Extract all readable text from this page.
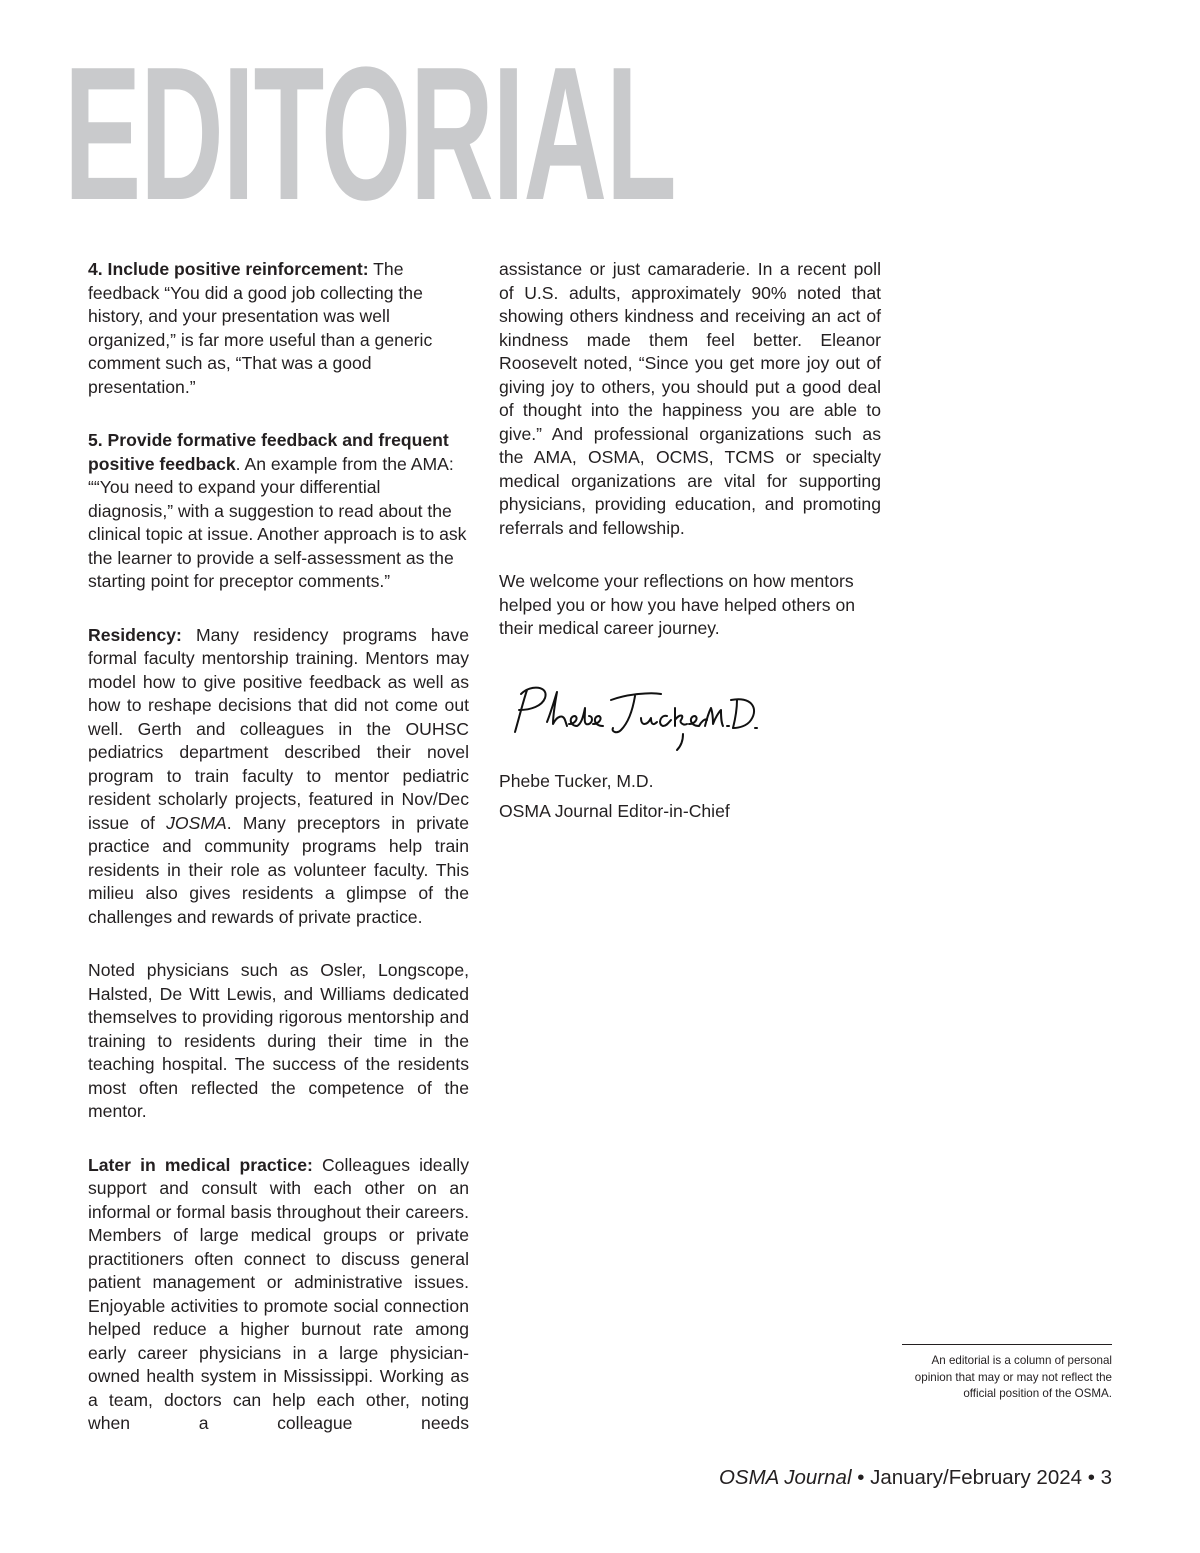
EDITORIAL

4. Include positive reinforcement: The feedback “You did a good job collecting the history, and your presentation was well organized,” is far more useful than a generic comment such as, “That was a good presentation.”

5. Provide formative feedback and frequent positive feedback. An example from the AMA: ““You need to expand your differential diagnosis,” with a suggestion to read about the clinical topic at issue. Another approach is to ask the learner to provide a self-assessment as the starting point for preceptor comments.”

Residency: Many residency programs have formal faculty mentorship training. Mentors may model how to give positive feedback as well as how to reshape decisions that did not come out well. Gerth and colleagues in the OUHSC pediatrics department described their novel program to train faculty to mentor pediatric resident scholarly projects, featured in Nov/Dec issue of JOSMA. Many preceptors in private practice and community programs help train residents in their role as volunteer faculty. This milieu also gives residents a glimpse of the challenges and rewards of private practice.

Noted physicians such as Osler, Longscope, Halsted, De Witt Lewis, and Williams dedicated themselves to providing rigorous mentorship and training to residents during their time in the teaching hospital. The success of the residents most often reflected the competence of the mentor.

Later in medical practice: Colleagues ideally support and consult with each other on an informal or formal basis throughout their careers. Members of large medical groups or private practitioners often connect to discuss general patient management or administrative issues. Enjoyable activities to promote social connection helped reduce a higher burnout rate among early career physicians in a large physician-owned health system in Mississippi. Working as a team, doctors can help each other, noting when a colleague needs

assistance or just camaraderie. In a recent poll of U.S. adults, approximately 90% noted that showing others kindness and receiving an act of kindness made them feel better. Eleanor Roosevelt noted, “Since you get more joy out of giving joy to others, you should put a good deal of thought into the happiness you are able to give.” And professional organizations such as the AMA, OSMA, OCMS, TCMS or specialty medical organizations are vital for supporting physicians, providing education, and promoting referrals and fellowship.

We welcome your reflections on how mentors helped you or how you have helped others on their medical career journey.

Phebe Tucker, M.D.
OSMA Journal Editor-in-Chief
An editorial is a column of personal opinion that may or may not reflect the official position of the OSMA.
OSMA Journal • January/February 2024 • 3
